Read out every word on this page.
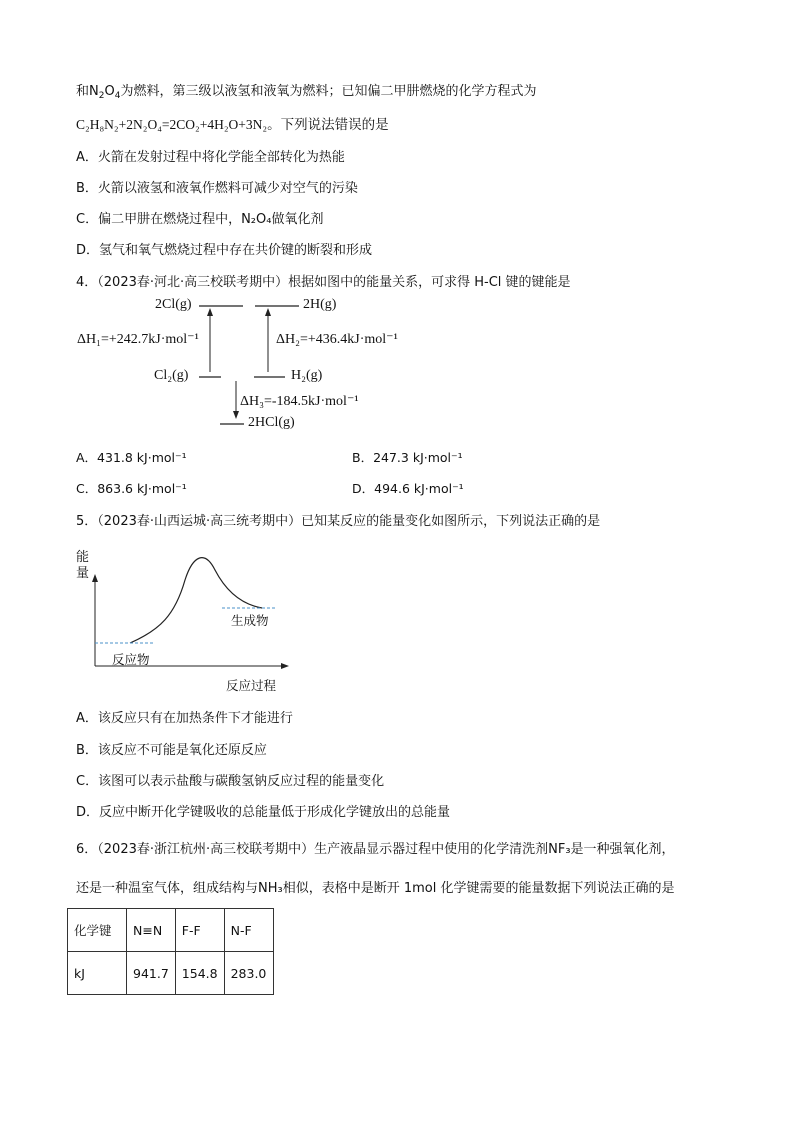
和$N_2O_4$为燃料，第三级以液氢和液氧为燃料；已知偏二甲肼燃烧的化学方程式为
C₂H₈N₂+2N₂O₄=2CO₂+4H₂O+3N₂。下列说法错误的是
A．火箭在发射过程中将化学能全部转化为热能
B．火箭以液氢和液氧作燃料可减少对空气的污染
C．偏二甲肼在燃烧过程中，N₂O₄做氧化剂
D．氢气和氧气燃烧过程中存在共价键的断裂和形成
4．（2023春·河北·高三校联考期中）根据如图中的能量关系，可求得 H-Cl 键的键能是
2Cl(g)	2H(g)
ΔH₁=+242.7kJ·mol⁻¹	ΔH₂=+436.4kJ·mol⁻¹
Cl₂(g)	H₂(g)
ΔH₃=-184.5kJ·mol⁻¹
2HCl(g)
A．431.8 kJ·mol⁻¹	B．247.3 kJ·mol⁻¹
C．863.6 kJ·mol⁻¹	D．494.6 kJ·mol⁻¹
5．（2023春·山西运城·高三统考期中）已知某反应的能量变化如图所示，下列说法正确的是
能
量
生成物
反应物
反应过程
A．该反应只有在加热条件下才能进行
B．该反应不可能是氧化还原反应
C．该图可以表示盐酸与碳酸氢钠反应过程的能量变化
D．反应中断开化学键吸收的总能量低于形成化学键放出的总能量
6．（2023春·浙江杭州·高三校联考期中）生产液晶显示器过程中使用的化学清洗剂NF₃是一种强氧化剂，
还是一种温室气体，组成结构与NH₃相似，表格中是断开 1mol 化学键需要的能量数据下列说法正确的是
化学键	N≡N	F-F	N-F
kJ	941.7	154.8	283.0
